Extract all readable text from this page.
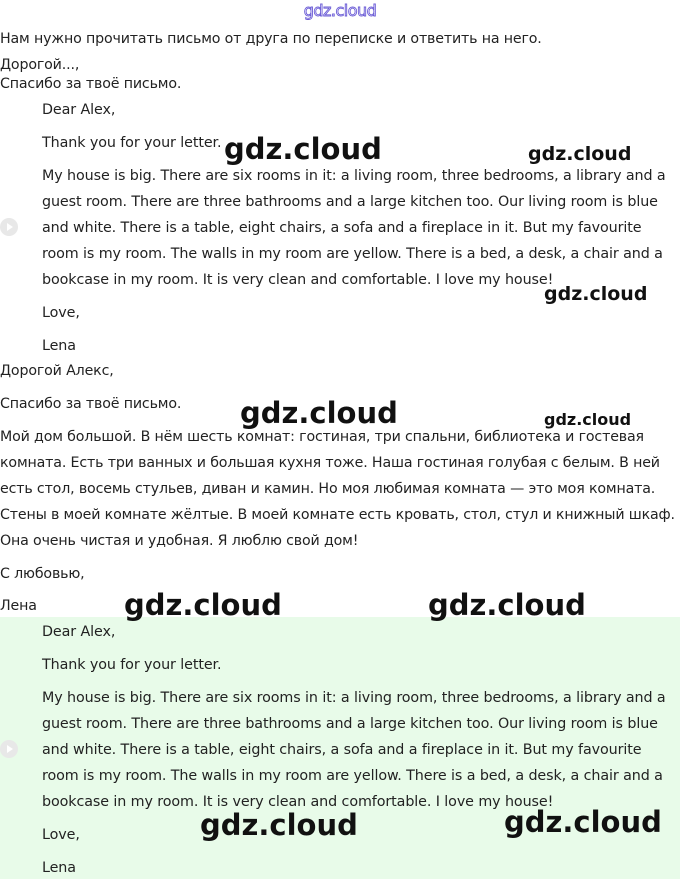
gdz.cloud
Нам нужно прочитать письмо от друга по переписке и ответить на него.
Дорогой...,
Спасибо за твоё письмо.
Dear Alex,
Thank you for your letter.
My house is big. There are six rooms in it: a living room, three bedrooms, a library and a
guest room. There are three bathrooms and a large kitchen too. Our living room is blue
and white. There is a table, eight chairs, a sofa and a fireplace in it. But my favourite
room is my room. The walls in my room are yellow. There is a bed, a desk, a chair and a
bookcase in my room. It is very clean and comfortable. I love my house!
Love,
Lena
Дорогой Алекс,
Спасибо за твоё письмо.
Мой дом большой. В нём шесть комнат: гостиная, три спальни, библиотека и гостевая
комната. Есть три ванных и большая кухня тоже. Наша гостиная голубая с белым. В ней
есть стол, восемь стульев, диван и камин. Но моя любимая комната — это моя комната.
Стены в моей комнате жёлтые. В моей комнате есть кровать, стол, стул и книжный шкаф.
Она очень чистая и удобная. Я люблю свой дом!
С любовью,
Лена
Dear Alex,
Thank you for your letter.
My house is big. There are six rooms in it: a living room, three bedrooms, a library and a
guest room. There are three bathrooms and a large kitchen too. Our living room is blue
and white. There is a table, eight chairs, a sofa and a fireplace in it. But my favourite
room is my room. The walls in my room are yellow. There is a bed, a desk, a chair and a
bookcase in my room. It is very clean and comfortable. I love my house!
Love,
Lena
gdz.cloud	gdz.cloud
gdz.cloud
gdz.cloud	gdz.cloud
gdz.cloud	gdz.cloud
gdz.cloud	gdz.cloud
